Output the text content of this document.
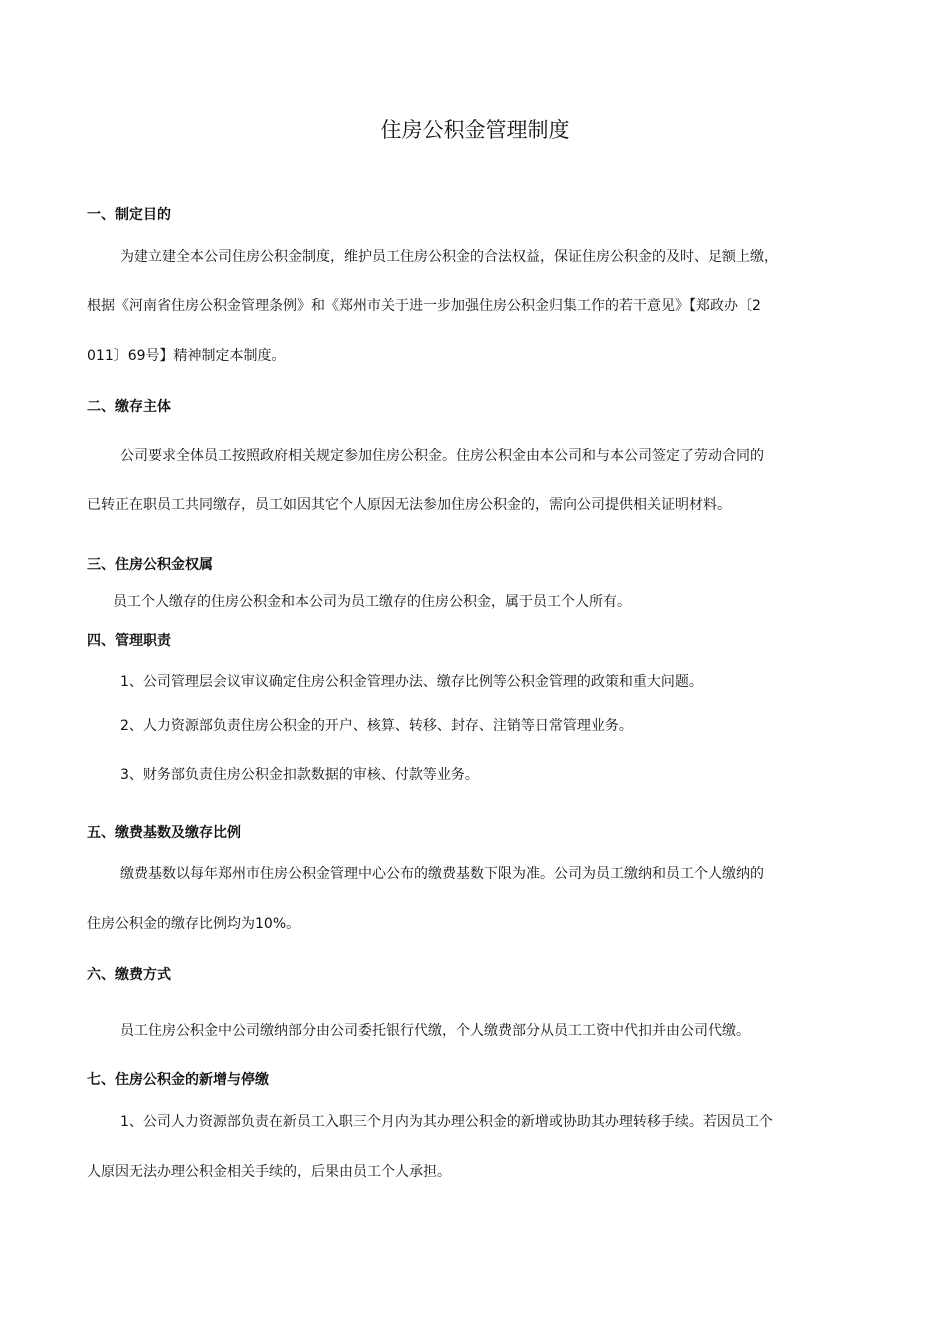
住房公积金管理制度
一、制定目的
为建立建全本公司住房公积金制度，维护员工住房公积金的合法权益，保证住房公积金的及时、足额上缴，
根据《河南省住房公积金管理条例》和《郑州市关于进一步加强住房公积金归集工作的若干意见》【郑政办〔2
011〕69号】精神制定本制度。
二、缴存主体
公司要求全体员工按照政府相关规定参加住房公积金。住房公积金由本公司和与本公司签定了劳动合同的
已转正在职员工共同缴存，员工如因其它个人原因无法参加住房公积金的，需向公司提供相关证明材料。
三、住房公积金权属
员工个人缴存的住房公积金和本公司为员工缴存的住房公积金，属于员工个人所有。
四、管理职责
1、公司管理层会议审议确定住房公积金管理办法、缴存比例等公积金管理的政策和重大问题。
2、人力资源部负责住房公积金的开户、核算、转移、封存、注销等日常管理业务。
3、财务部负责住房公积金扣款数据的审核、付款等业务。
五、缴费基数及缴存比例
缴费基数以每年郑州市住房公积金管理中心公布的缴费基数下限为准。公司为员工缴纳和员工个人缴纳的
住房公积金的缴存比例均为10%。
六、缴费方式
员工住房公积金中公司缴纳部分由公司委托银行代缴，个人缴费部分从员工工资中代扣并由公司代缴。
七、住房公积金的新增与停缴
1、公司人力资源部负责在新员工入职三个月内为其办理公积金的新增或协助其办理转移手续。若因员工个
人原因无法办理公积金相关手续的，后果由员工个人承担。
